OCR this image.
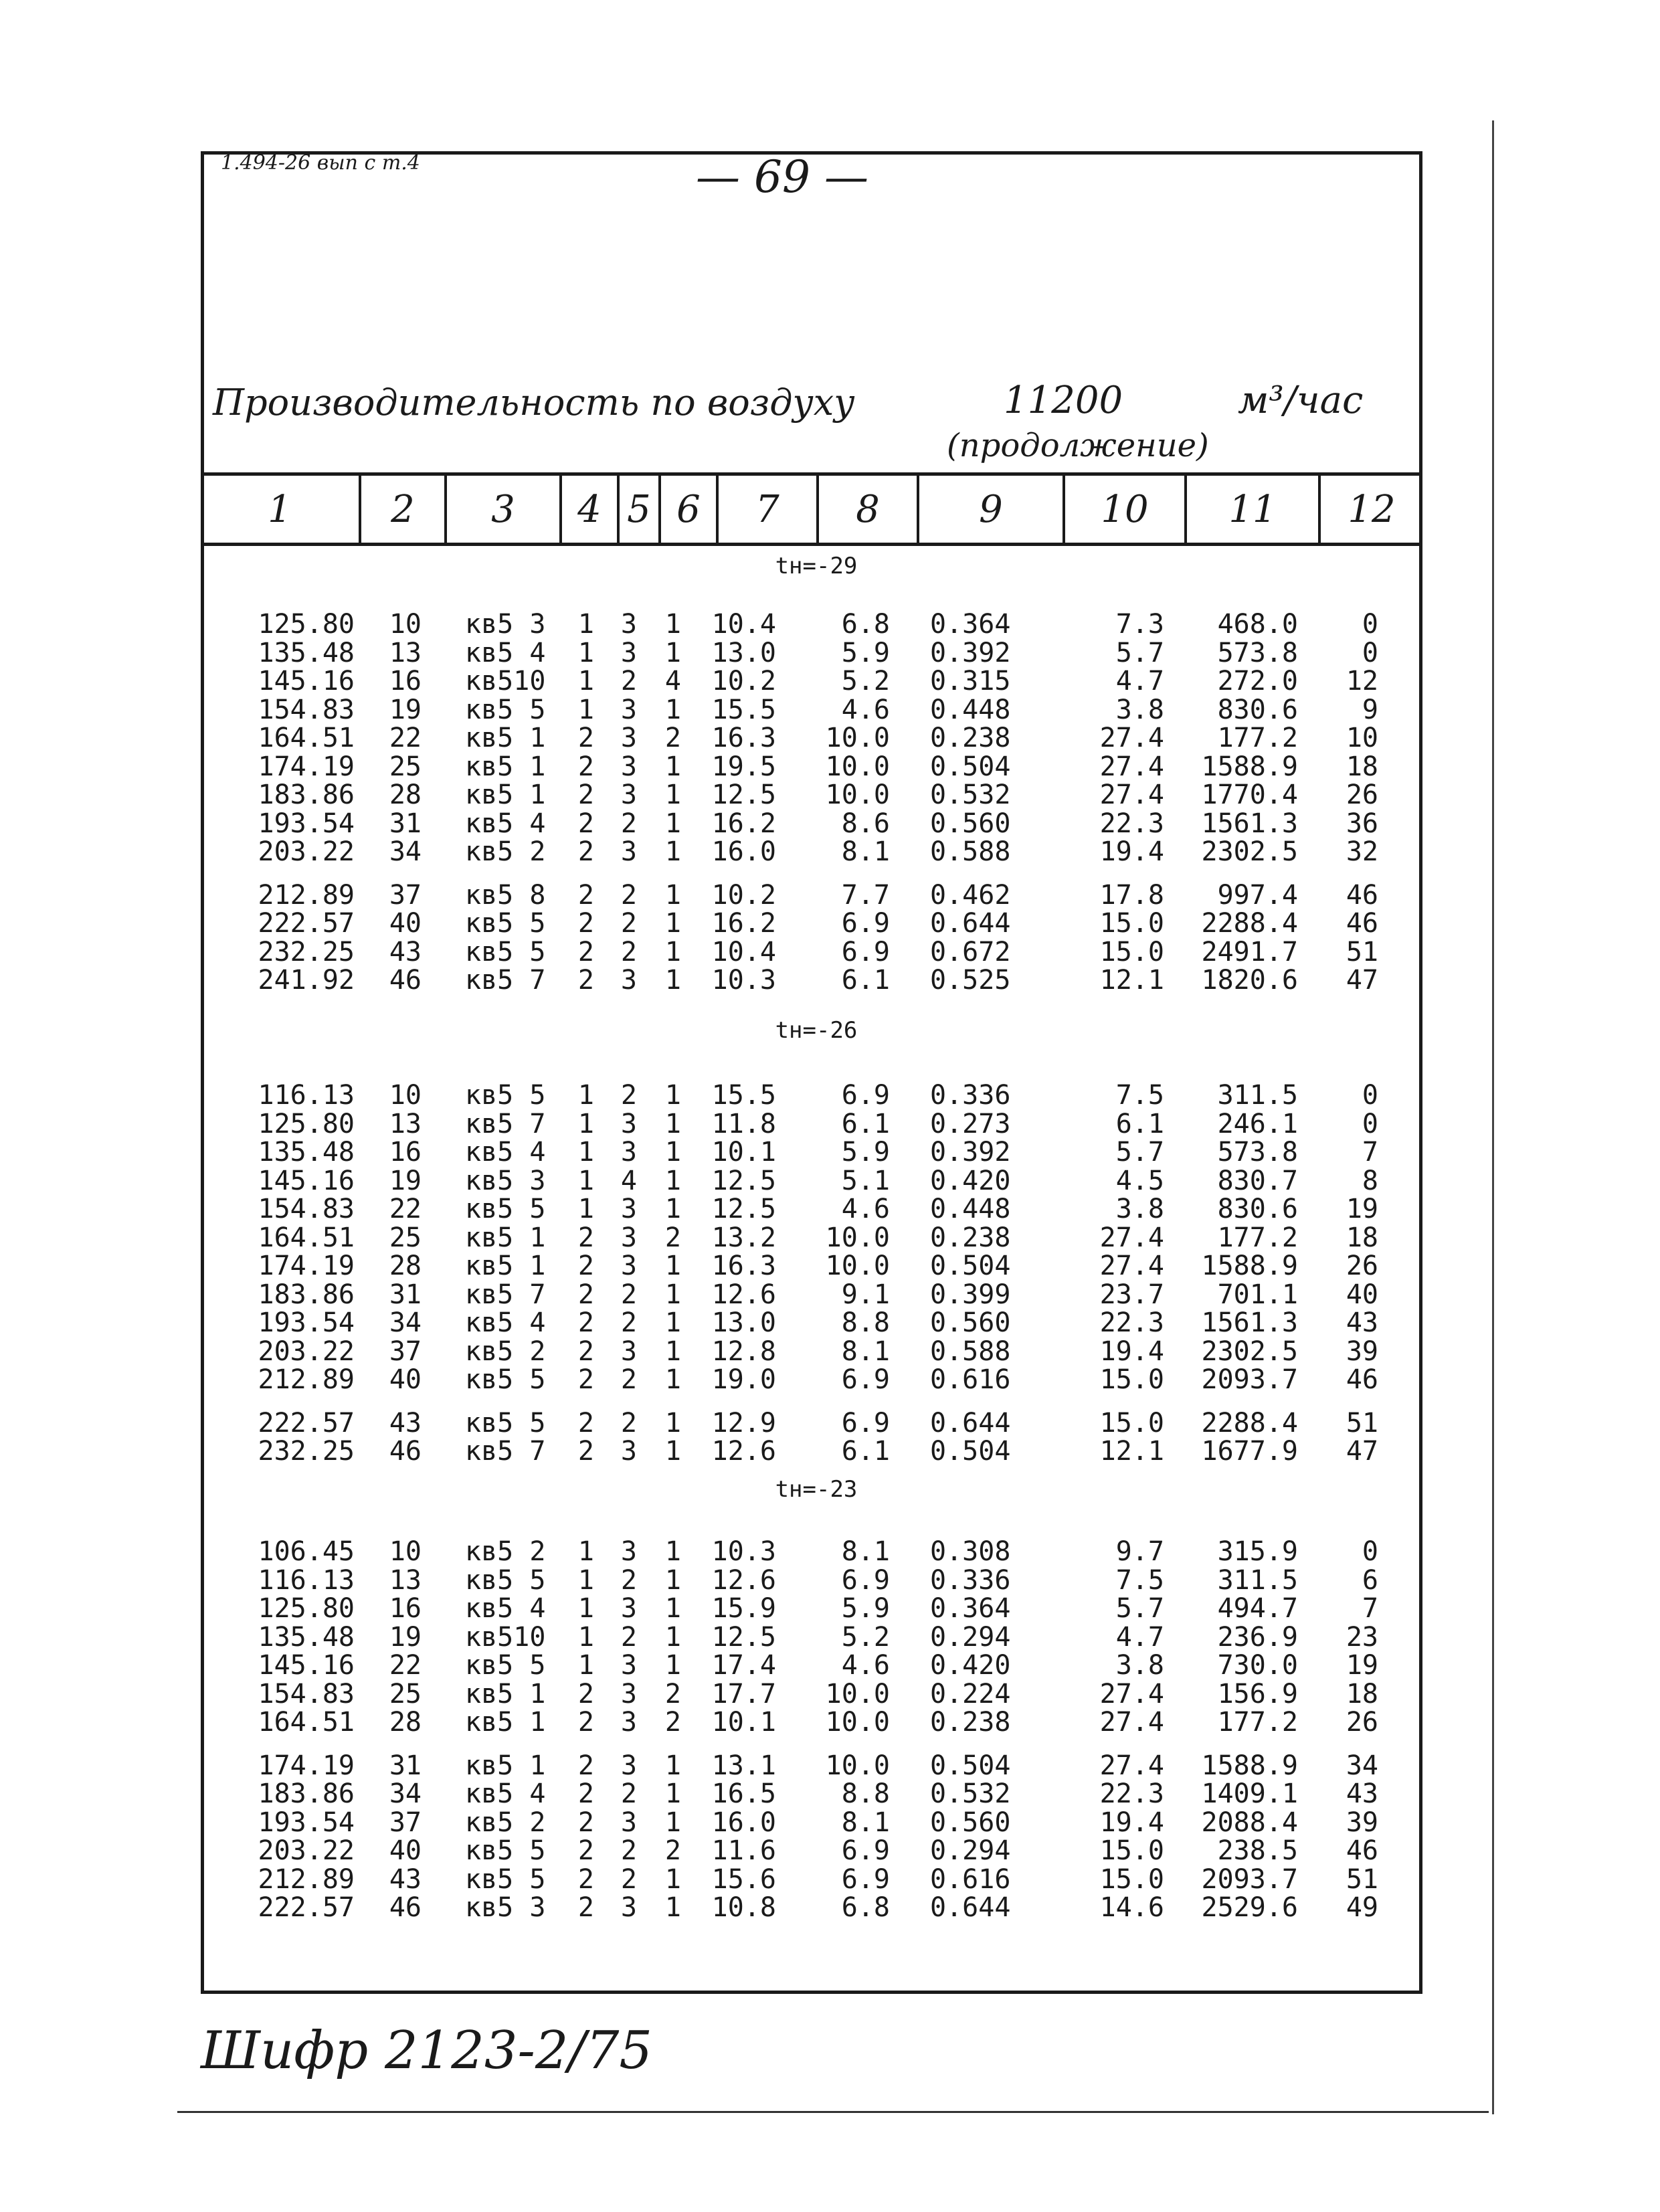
1.494-26 вып с т.4	— 69 —
Производительность по воздуху	11200	м³/час
(продолжение)
1	2	3	4 5 6	7	8	9	10	11	12
tн=-29
125.80 10 кв5 3 1 3 1 10.4 6.8 0.364	7.3 468.0 0
135.48 13 кв5 4 1 3 1 13.0 5.9 0.392	5.7 573.8 0
145.16 16 кв510 1 2 4 10.2 5.2 0.315	4.7 272.0 12
154.83 19 кв5 5 1 3 1 15.5 4.6 0.448	3.8 830.6 9
164.51 22 кв5 1 2 3 2 16.3 10.0 0.238	27.4 177.2 10
174.19 25 кв5 1 2 3 1 19.5 10.0 0.504	27.4 1588.9 18
183.86 28 кв5 1 2 3 1 12.5 10.0 0.532	27.4 1770.4 26
193.54 31 кв5 4 2 2 1 16.2 8.6 0.560	22.3 1561.3 36
203.22 34 кв5 2 2 3 1 16.0 8.1 0.588	19.4 2302.5 32
212.89 37 кв5 8 2 2 1 10.2 7.7 0.462	17.8 997.4 46
222.57 40 кв5 5 2 2 1 16.2 6.9 0.644	15.0 2288.4 46
232.25 43 кв5 5 2 2 1 10.4 6.9 0.672	15.0 2491.7 51
241.92 46 кв5 7 2 3 1 10.3 6.1 0.525	12.1 1820.6 47
tн=-26
116.13 10 кв5 5 1 2 1 15.5 6.9 0.336	7.5 311.5 0
125.80 13 кв5 7 1 3 1 11.8 6.1 0.273	6.1 246.1 0
135.48 16 кв5 4 1 3 1 10.1 5.9 0.392	5.7 573.8 7
145.16 19 кв5 3 1 4 1 12.5 5.1 0.420	4.5 830.7 8
154.83 22 кв5 5 1 3 1 12.5 4.6 0.448	3.8 830.6 19
164.51 25 кв5 1 2 3 2 13.2 10.0 0.238	27.4 177.2 18
174.19 28 кв5 1 2 3 1 16.3 10.0 0.504	27.4 1588.9 26
183.86 31 кв5 7 2 2 1 12.6 9.1 0.399	23.7 701.1 40
193.54 34 кв5 4 2 2 1 13.0 8.8 0.560	22.3 1561.3 43
203.22 37 кв5 2 2 3 1 12.8 8.1 0.588	19.4 2302.5 39
212.89 40 кв5 5 2 2 1 19.0 6.9 0.616	15.0 2093.7 46
222.57 43 кв5 5 2 2 1 12.9 6.9 0.644	15.0 2288.4 51
232.25 46 кв5 7 2 3 1 12.6 6.1 0.504	12.1 1677.9 47
tн=-23
106.45 10 кв5 2 1 3 1 10.3 8.1 0.308	9.7 315.9 0
116.13 13 кв5 5 1 2 1 12.6 6.9 0.336	7.5 311.5 6
125.80 16 кв5 4 1 3 1 15.9 5.9 0.364	5.7 494.7 7
135.48 19 кв510 1 2 1 12.5 5.2 0.294	4.7 236.9 23
145.16 22 кв5 5 1 3 1 17.4 4.6 0.420	3.8 730.0 19
154.83 25 кв5 1 2 3 2 17.7 10.0 0.224	27.4 156.9 18
164.51 28 кв5 1 2 3 2 10.1 10.0 0.238	27.4 177.2 26
174.19 31 кв5 1 2 3 1 13.1 10.0 0.504	27.4 1588.9 34
183.86 34 кв5 4 2 2 1 16.5 8.8 0.532	22.3 1409.1 43
193.54 37 кв5 2 2 3 1 16.0 8.1 0.560	19.4 2088.4 39
203.22 40 кв5 5 2 2 2 11.6 6.9 0.294	15.0 238.5 46
212.89 43 кв5 5 2 2 1 15.6 6.9 0.616	15.0 2093.7 51
222.57 46 кв5 3 2 3 1 10.8 6.8 0.644	14.6 2529.6 49
Шифр 2123-2/75
